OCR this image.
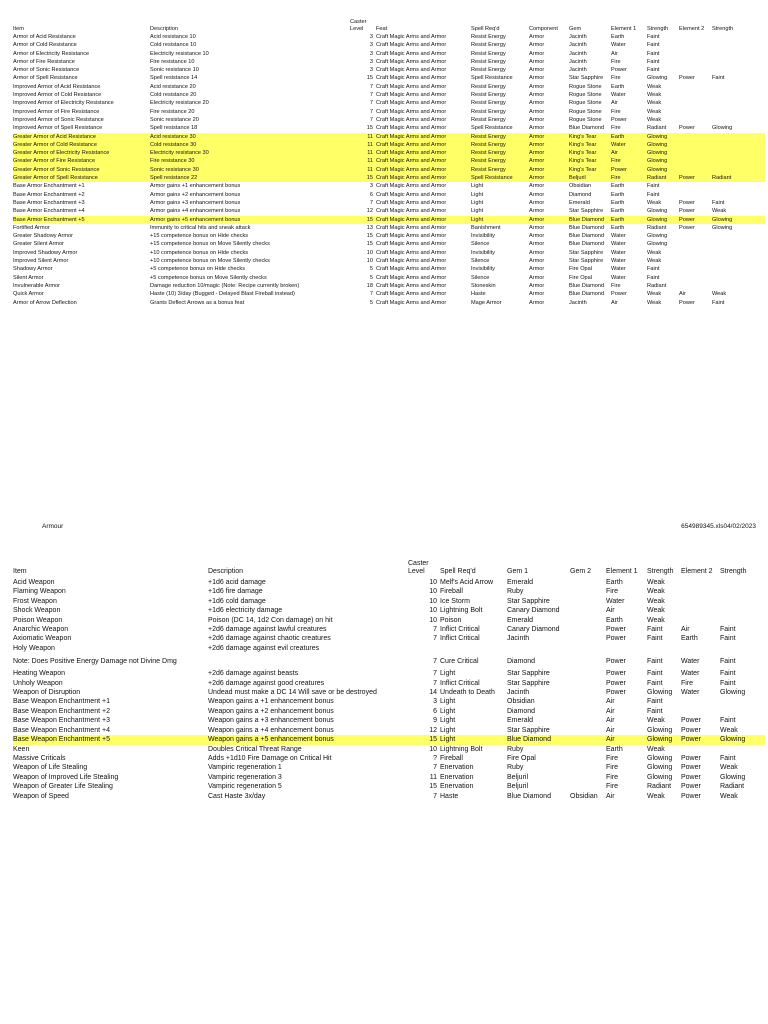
Item	Description	Caster Level	Feat	Spell Req'd	Component	Gem	Element 1	Strength	Element 2	Strength
Armor of Acid Resistance	Acid resistance 10	3	Craft Magic Arms and Armor	Resist Energy	Armor	Jacinth	Earth	Faint		
Armor of Cold Resistance	Cold resistance 10	3	Craft Magic Arms and Armor	Resist Energy	Armor	Jacinth	Water	Faint		
Armor of Electricity Resistance	Electricity resistance 10	3	Craft Magic Arms and Armor	Resist Energy	Armor	Jacinth	Air	Faint		
Armor of Fire Resistance	Fire resistance 10	3	Craft Magic Arms and Armor	Resist Energy	Armor	Jacinth	Fire	Faint		
Armor of Sonic Resistance	Sonic resistance 10	3	Craft Magic Arms and Armor	Resist Energy	Armor	Jacinth	Power	Faint		
Armor of Spell Resistance	Spell resistance 14	15	Craft Magic Arms and Armor	Spell Resistance	Armor	Star Sapphire	Fire	Glowing	Power	Faint
Improved Armor of Acid Resistance	Acid resistance 20	7	Craft Magic Arms and Armor	Resist Energy	Armor	Rogue Stone	Earth	Weak		
Improved Armor of Cold Resistance	Cold resistance 20	7	Craft Magic Arms and Armor	Resist Energy	Armor	Rogue Stone	Water	Weak		
Improved Armor of Electricity Resistance	Electricity resistance 20	7	Craft Magic Arms and Armor	Resist Energy	Armor	Rogue Stone	Air	Weak		
Improved Armor of Fire Resistance	Fire resistance 20	7	Craft Magic Arms and Armor	Resist Energy	Armor	Rogue Stone	Fire	Weak		
Improved Armor of Sonic Resistance	Sonic resistance 20	7	Craft Magic Arms and Armor	Resist Energy	Armor	Rogue Stone	Power	Weak		
Improved Armor of Spell Resistance	Spell resistance 18	15	Craft Magic Arms and Armor	Spell Resistance	Armor	Blue Diamond	Fire	Radiant	Power	Glowing
Greater Armor of Acid Resistance	Acid resistance 30	11	Craft Magic Arms and Armor	Resist Energy	Armor	King's Tear	Earth	Glowing		
Greater Armor of Cold Resistance	Cold resistance 30	11	Craft Magic Arms and Armor	Resist Energy	Armor	King's Tear	Water	Glowing		
Greater Armor of Electricity Resistance	Electricity resistance 30	11	Craft Magic Arms and Armor	Resist Energy	Armor	King's Tear	Air	Glowing		
Greater Armor of Fire Resistance	Fire resistance 30	11	Craft Magic Arms and Armor	Resist Energy	Armor	King's Tear	Fire	Glowing		
Greater Armor of Sonic Resistance	Sonic resistance 30	11	Craft Magic Arms and Armor	Resist Energy	Armor	King's Tear	Power	Glowing		
Greater Armor of Spell Resistance	Spell resistance 22	15	Craft Magic Arms and Armor	Spell Resistance	Armor	Beljuril	Fire	Radiant	Power	Radiant
Base Armor Enchantment +1	Armor gains +1 enhancement bonus	3	Craft Magic Arms and Armor	Light	Armor	Obsidian	Earth	Faint		
Base Armor Enchantment +2	Armor gains +2 enhancement bonus	6	Craft Magic Arms and Armor	Light	Armor	Diamond	Earth	Faint		
Base Armor Enchantment +3	Armor gains +3 enhancement bonus	7	Craft Magic Arms and Armor	Light	Armor	Emerald	Earth	Weak	Power	Faint
Base Armor Enchantment +4	Armor gains +4 enhancement bonus	12	Craft Magic Arms and Armor	Light	Armor	Star Sapphire	Earth	Glowing	Power	Weak
Base Armor Enchantment +5	Armor gains +5 enhancement bonus	15	Craft Magic Arms and Armor	Light	Armor	Blue Diamond	Earth	Glowing	Power	Glowing
Fortified Armor	Immunity to critical hits and sneak attack	13	Craft Magic Arms and Armor	Banishment	Armor	Blue Diamond	Earth	Radiant	Power	Glowing
Greater Shadowy Armor	+15 competence bonus on Hide checks	15	Craft Magic Arms and Armor	Invisibility	Armor	Blue Diamond	Water	Glowing		
Greater Silent Armor	+15 competence bonus on Move Silently checks	15	Craft Magic Arms and Armor	Silence	Armor	Blue Diamond	Water	Glowing		
Improved Shadowy Armor	+10 competence bonus on Hide checks	10	Craft Magic Arms and Armor	Invisibility	Armor	Star Sapphire	Water	Weak		
Improved Silent Armor	+10 competence bonus on Move Silently checks	10	Craft Magic Arms and Armor	Silence	Armor	Star Sapphire	Water	Weak		
Shadowy Armor	+5 competence bonus on Hide checks	5	Craft Magic Arms and Armor	Invisibility	Armor	Fire Opal	Water	Faint		
Silent Armor	+5 competence bonus on Move Silently checks	5	Craft Magic Arms and Armor	Silence	Armor	Fire Opal	Water	Faint		
Invulnerable Armor	Damage reduction 10/magic (Note: Recipe currently broken)	18	Craft Magic Arms and Armor	Stoneskin	Armor	Blue Diamond	Fire	Radiant		
Quick Armor	Haste (10) 3/day (Bugged - Delayed Blast Fireball instead)	7	Craft Magic Arms and Armor	Haste	Armor	Blue Diamond	Power	Weak	Air	Weak
Armor of Arrow Deflection	Grants Deflect Arrows as a bonus feat	5	Craft Magic Arms and Armor	Mage Armor	Armor	Jacinth	Air	Weak	Power	Faint
Armour	654989345.xls04/02/2023
Item	Description	Caster Level	Spell Req'd	Gem 1	Gem 2	Element 1	Strength	Element 2	Strength
Acid Weapon	+1d6 acid damage	10	Melf's Acid Arrow	Emerald		Earth	Weak		
Flaming Weapon	+1d6 fire damage	10	Fireball	Ruby		Fire	Weak		
Frost Weapon	+1d6 cold damage	10	Ice Storm	Star Sapphire		Water	Weak		
Shock Weapon	+1d6 electricity damage	10	Lightning Bolt	Canary Diamond		Air	Weak		
Poison Weapon	Poison (DC 14, 1d2 Con damage) on hit	10	Poison	Emerald		Earth	Weak		
Anarchic Weapon	+2d6 damage against lawful creatures	7	Inflict Critical	Canary Diamond		Power	Faint	Air	Faint
Axiomatic Weapon	+2d6 damage against chaotic creatures	7	Inflict Critical	Jacinth		Power	Faint	Earth	Faint
Holy Weapon	+2d6 damage against evil creatures								
Note: Does Positive Energy Damage not Divine Dmg		7	Cure Critical	Diamond		Power	Faint	Water	Faint
Heating Weapon	+2d6 damage against beasts	7	Light	Star Sapphire		Power	Faint	Water	Faint
Unholy Weapon	+2d6 damage against good creatures	7	Inflict Critical	Star Sapphire		Power	Faint	Fire	Faint
Weapon of Disruption	Undead must make a DC 14 Will save or be destroyed	14	Undeath to Death	Jacinth		Power	Glowing	Water	Glowing
Base Weapon Enchantment +1	Weapon gains a +1 enhancement bonus	3	Light	Obsidian		Air	Faint		
Base Weapon Enchantment +2	Weapon gains a +2 enhancement bonus	6	Light	Diamond		Air	Faint		
Base Weapon Enchantment +3	Weapon gains a +3 enhancement bonus	9	Light	Emerald		Air	Weak	Power	Faint
Base Weapon Enchantment +4	Weapon gains a +4 enhancement bonus	12	Light	Star Sapphire		Air	Glowing	Power	Weak
Base Weapon Enchantment +5	Weapon gains a +5 enhancement bonus	15	Light	Blue Diamond		Air	Glowing	Power	Glowing
Keen	Doubles Critical Threat Range	10	Lightning Bolt	Ruby		Earth	Weak		
Massive Criticals	Adds +1d10 Fire Damage on Critical Hit	?	Fireball	Fire Opal		Fire	Glowing	Power	Faint
Weapon of Life Stealing	Vampiric regeneration 1	7	Enervation	Ruby		Fire	Glowing	Power	Weak
Weapon of Improved Life Stealing	Vampiric regeneration 3	11	Enervation	Beljuril		Fire	Glowing	Power	Glowing
Weapon of Greater Life Stealing	Vampiric regeneration 5	15	Enervation	Beljuril		Fire	Radiant	Power	Radiant
Weapon of Speed	Cast Haste 3x/day	7	Haste	Blue Diamond	Obsidian	Air	Weak	Power	Weak
